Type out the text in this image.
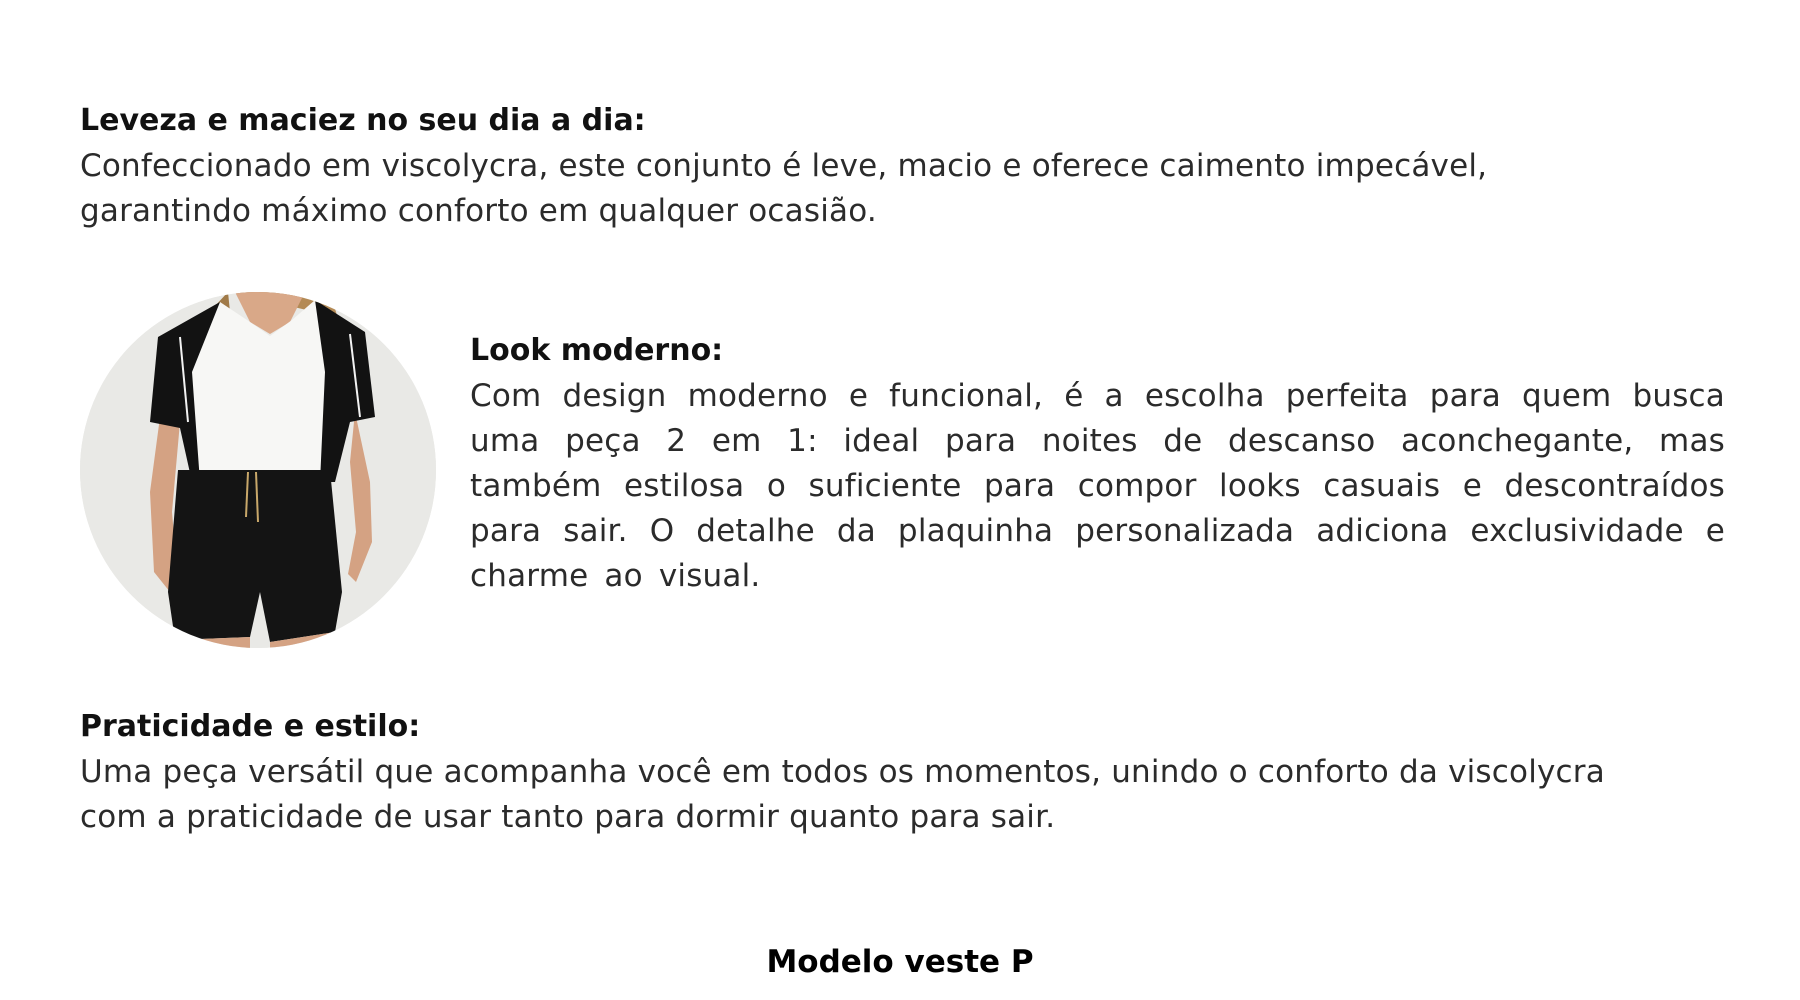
Leveza e maciez no seu dia a dia:

Confeccionado em viscolycra, este conjunto é leve, macio e oferece caimento impecável, garantindo máximo conforto em qualquer ocasião.

Look moderno:

Com design moderno e funcional, é a escolha perfeita para quem busca uma peça 2 em 1: ideal para noites de descanso aconchegante, mas também estilosa o suficiente para compor looks casuais e descontraídos para sair. O detalhe da plaquinha personalizada adiciona exclusividade e charme ao visual.

Praticidade e estilo:

Uma peça versátil que acompanha você em todos os momentos, unindo o conforto da viscolycra com a praticidade de usar tanto para dormir quanto para sair.

Modelo veste P
